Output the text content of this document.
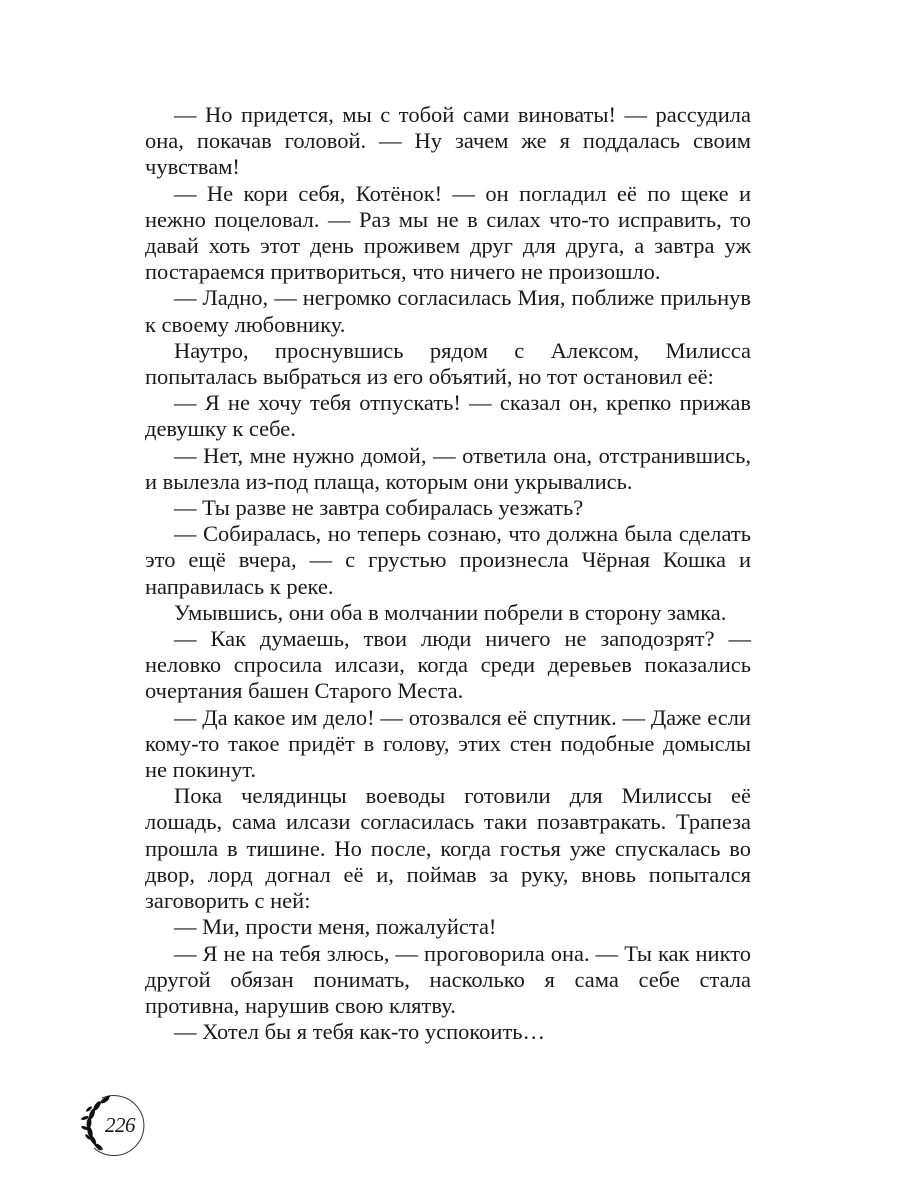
— Но придется, мы с тобой сами виноваты! — рассудила она, покачав головой. — Ну зачем же я поддалась своим чувствам!

— Не кори себя, Котёнок! — он погладил её по щеке и нежно поцеловал. — Раз мы не в силах что-то исправить, то давай хоть этот день проживем друг для друга, а завтра уж постараемся притвориться, что ничего не произошло.

— Ладно, — негромко согласилась Мия, поближе прильнув к своему любовнику.

Наутро, проснувшись рядом с Алексом, Милисса попыталась выбраться из его объятий, но тот остановил её:

— Я не хочу тебя отпускать! — сказал он, крепко прижав девушку к себе.

— Нет, мне нужно домой, — ответила она, отстранившись, и вылезла из-под плаща, которым они укрывались.

— Ты разве не завтра собиралась уезжать?

— Собиралась, но теперь сознаю, что должна была сделать это ещё вчера, — с грустью произнесла Чёрная Кошка и направилась к реке.

Умывшись, они оба в молчании побрели в сторону замка.

— Как думаешь, твои люди ничего не заподозрят? — неловко спросила илсази, когда среди деревьев показались очертания башен Старого Места.

— Да какое им дело! — отозвался её спутник. — Даже если кому-то такое придёт в голову, этих стен подобные домыслы не покинут.

Пока челядинцы воеводы готовили для Милиссы её лошадь, сама илсази согласилась таки позавтракать. Трапеза прошла в тишине. Но после, когда гостья уже спускалась во двор, лорд догнал её и, поймав за руку, вновь попытался заговорить с ней:

— Ми, прости меня, пожалуйста!

— Я не на тебя злюсь, — проговорила она. — Ты как никто другой обязан понимать, насколько я сама себе стала противна, нарушив свою клятву.

— Хотел бы я тебя как-то успокоить…

226
